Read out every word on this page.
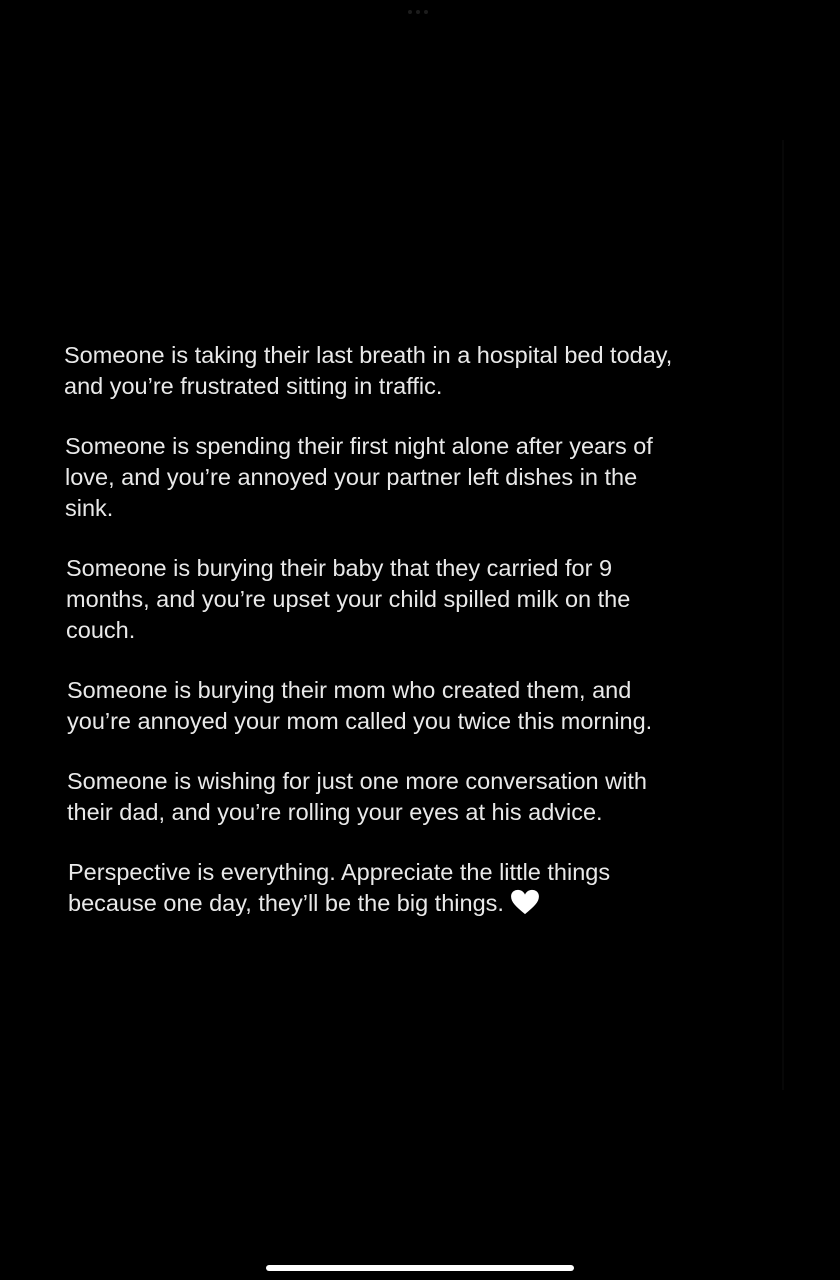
Someone is taking their last breath in a hospital bed today,
and you’re frustrated sitting in traffic.

Someone is spending their first night alone after years of
love, and you’re annoyed your partner left dishes in the
sink.

Someone is burying their baby that they carried for 9
months, and you’re upset your child spilled milk on the
couch.

Someone is burying their mom who created them, and
you’re annoyed your mom called you twice this morning.

Someone is wishing for just one more conversation with
their dad, and you’re rolling your eyes at his advice.

Perspective is everything. Appreciate the little things
because one day, they’ll be the big things.
